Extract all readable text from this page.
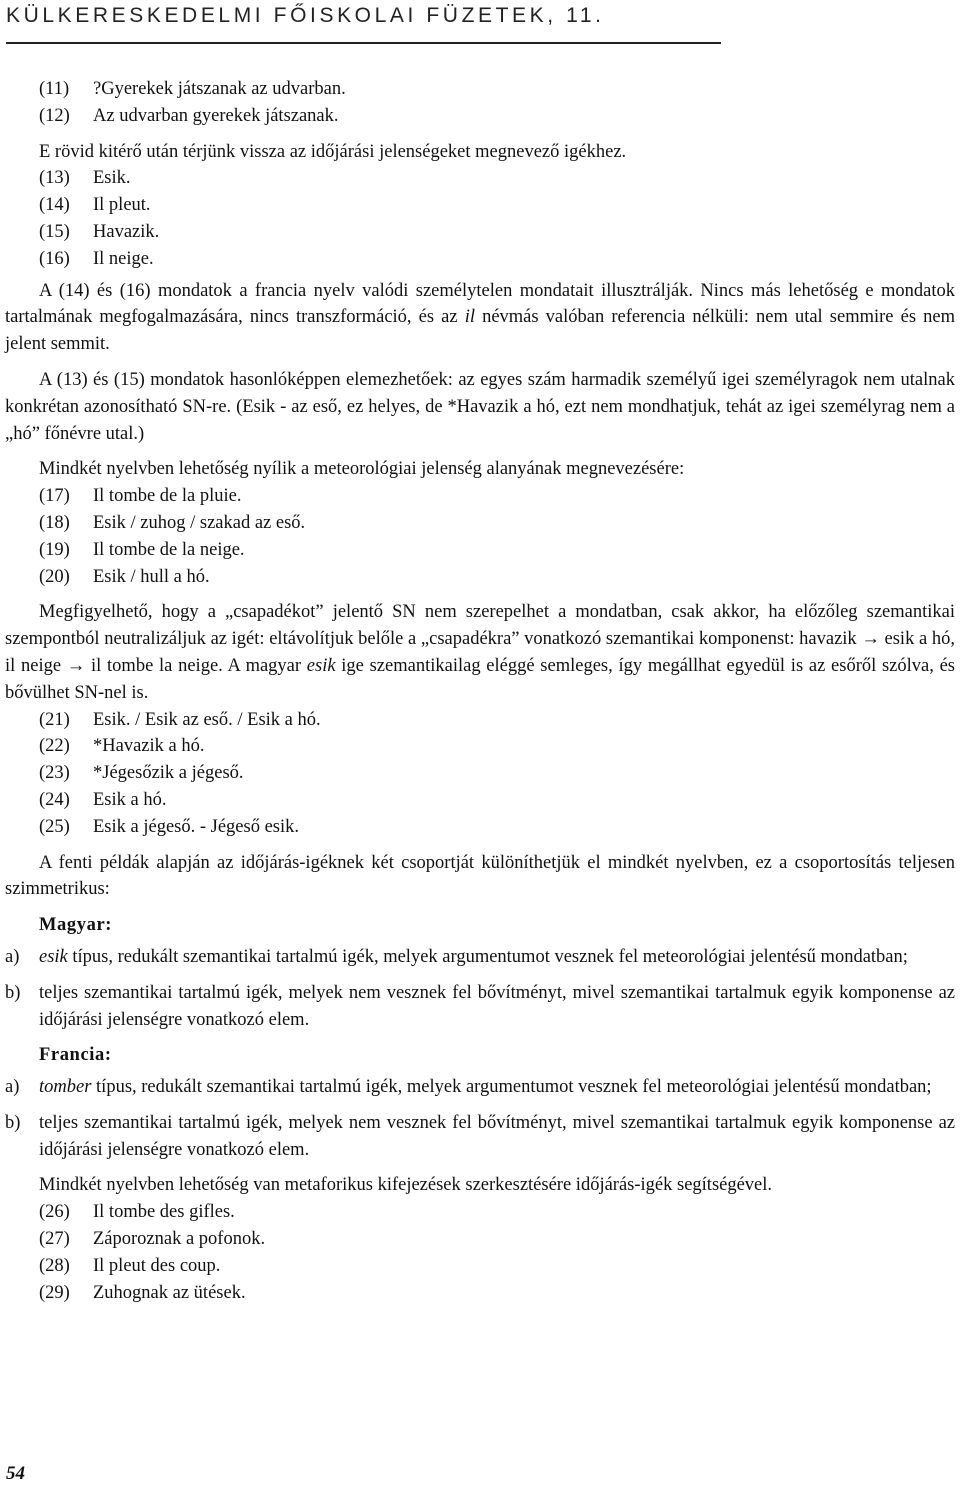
KÜLKERESKEDELMI FŐISKOLAI FÜZETEK, 11.
(11)	?Gyerekek játszanak az udvarban.
(12)	Az udvarban gyerekek játszanak.
E rövid kitérő után térjünk vissza az időjárási jelenségeket megnevező igékhez.
(13)	Esik.
(14)	Il pleut.
(15)	Havazik.
(16)	Il neige.
A (14) és (16) mondatok a francia nyelv valódi személytelen mondatait illusztrálják. Nincs más lehetőség e mondatok tartalmának megfogalmazására, nincs transzformáció, és az il névmás valóban referencia nélküli: nem utal semmire és nem jelent semmit.
A (13) és (15) mondatok hasonlóképpen elemezhetőek: az egyes szám harmadik személyű igei személyragok nem utalnak konkrétan azonosítható SN-re. (Esik - az eső, ez helyes, de *Havazik a hó, ezt nem mondhatjuk, tehát az igei személyrag nem a „hó” főnévre utal.)
Mindkét nyelvben lehetőség nyílik a meteorológiai jelenség alanyának megnevezésére:
(17)	Il tombe de la pluie.
(18)	Esik / zuhog / szakad az eső.
(19)	Il tombe de la neige.
(20)	Esik / hull a hó.
Megfigyelhető, hogy a „csapadékot” jelentő SN nem szerepelhet a mondatban, csak akkor, ha előzőleg szemantikai szempontból neutralizáljuk az igét: eltávolítjuk belőle a „csapadékra” vonatkozó szemantikai komponenst: havazik → esik a hó, il neige → il tombe la neige. A magyar esik ige szemantikailag eléggé semleges, így megállhat egyedül is az esőről szólva, és bővülhet SN-nel is.
(21)	Esik. / Esik az eső. / Esik a hó.
(22)	*Havazik a hó.
(23)	*Jégesőzik a jégeső.
(24)	Esik a hó.
(25)	Esik a jégeső. - Jégeső esik.
A fenti példák alapján az időjárás-igéknek két csoportját különíthetjük el mindkét nyelvben, ez a csoportosítás teljesen szimmetrikus:
Magyar:
a)	esik típus, redukált szemantikai tartalmú igék, melyek argumentumot vesznek fel meteorológiai jelentésű mondatban;
b)	teljes szemantikai tartalmú igék, melyek nem vesznek fel bővítményt, mivel szemantikai tartalmuk egyik komponense az időjárási jelenségre vonatkozó elem.
Francia:
a)	tomber típus, redukált szemantikai tartalmú igék, melyek argumentumot vesznek fel meteorológiai jelentésű mondatban;
b)	teljes szemantikai tartalmú igék, melyek nem vesznek fel bővítményt, mivel szemantikai tartalmuk egyik komponense az időjárási jelenségre vonatkozó elem.
Mindkét nyelvben lehetőség van metaforikus kifejezések szerkesztésére időjárás-igék segítségével.
(26)	Il tombe des gifles.
(27)	Záporoznak a pofonok.
(28)	Il pleut des coup.
(29)	Zuhognak az ütések.
54
